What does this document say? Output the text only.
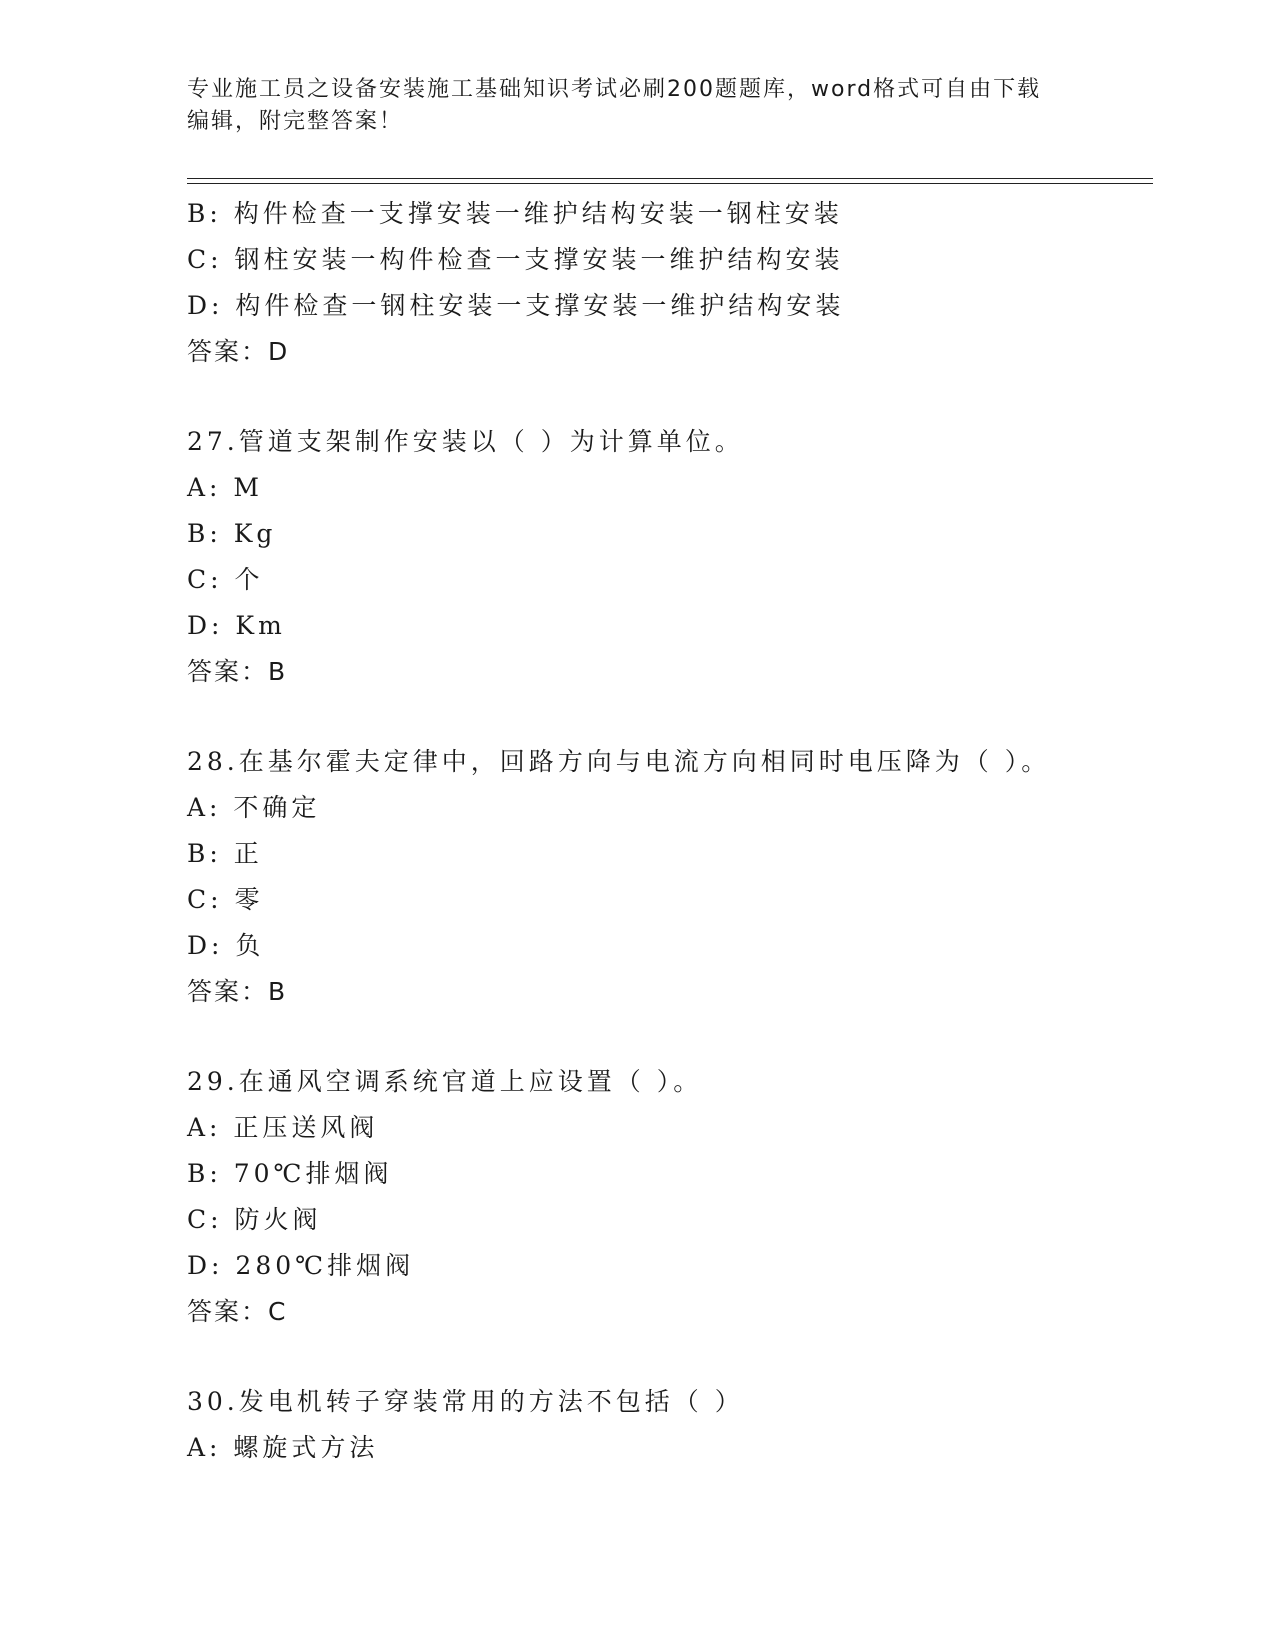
专业施工员之设备安装施工基础知识考试必刷200题题库，word格式可自由下载
编辑，附完整答案！
B: 构件检查一支撑安装一维护结构安装一钢柱安装
C: 钢柱安装一构件检查一支撑安装一维护结构安装
D: 构件检查一钢柱安装一支撑安装一维护结构安装
答案：D
27.管道支架制作安装以（ ）为计算单位。
A: M
B: Kg
C: 个
D: Km
答案：B
28.在基尔霍夫定律中，回路方向与电流方向相同时电压降为（ ）。
A: 不确定
B: 正
C: 零
D: 负
答案：B
29.在通风空调系统官道上应设置（ ）。
A: 正压送风阀
B: 70℃排烟阀
C: 防火阀
D: 280℃排烟阀
答案：C
30.发电机转子穿装常用的方法不包括（ ）
A: 螺旋式方法
